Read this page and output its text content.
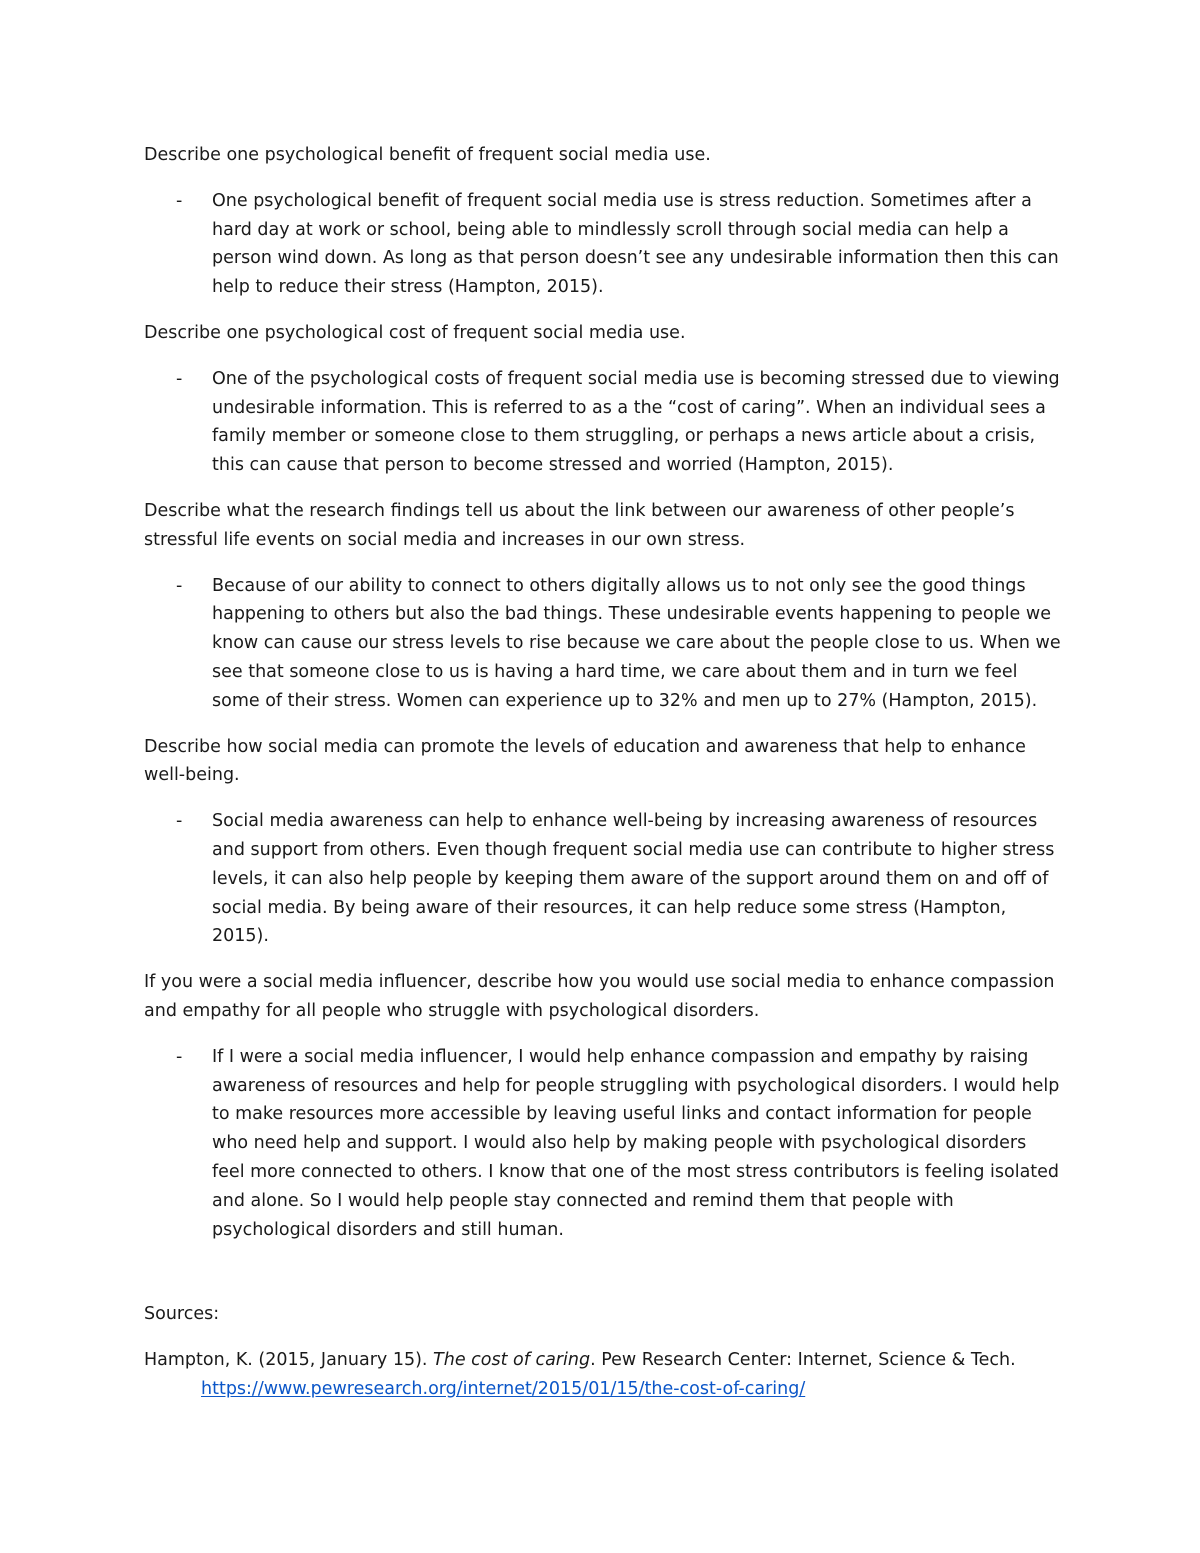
Describe one psychological benefit of frequent social media use.

- One psychological benefit of frequent social media use is stress reduction. Sometimes after a hard day at work or school, being able to mindlessly scroll through social media can help a person wind down. As long as that person doesn’t see any undesirable information then this can help to reduce their stress (Hampton, 2015).

Describe one psychological cost of frequent social media use.

- One of the psychological costs of frequent social media use is becoming stressed due to viewing undesirable information. This is referred to as a the “cost of caring”. When an individual sees a family member or someone close to them struggling, or perhaps a news article about a crisis, this can cause that person to become stressed and worried (Hampton, 2015).

Describe what the research findings tell us about the link between our awareness of other people’s stressful life events on social media and increases in our own stress.

- Because of our ability to connect to others digitally allows us to not only see the good things happening to others but also the bad things. These undesirable events happening to people we know can cause our stress levels to rise because we care about the people close to us. When we see that someone close to us is having a hard time, we care about them and in turn we feel some of their stress. Women can experience up to 32% and men up to 27% (Hampton, 2015).

Describe how social media can promote the levels of education and awareness that help to enhance well-being.

- Social media awareness can help to enhance well-being by increasing awareness of resources and support from others. Even though frequent social media use can contribute to higher stress levels, it can also help people by keeping them aware of the support around them on and off of social media. By being aware of their resources, it can help reduce some stress (Hampton, 2015).

If you were a social media influencer, describe how you would use social media to enhance compassion and empathy for all people who struggle with psychological disorders.

- If I were a social media influencer, I would help enhance compassion and empathy by raising awareness of resources and help for people struggling with psychological disorders. I would help to make resources more accessible by leaving useful links and contact information for people who need help and support. I would also help by making people with psychological disorders feel more connected to others. I know that one of the most stress contributors is feeling isolated and alone. So I would help people stay connected and remind them that people with psychological disorders and still human.

Sources:

Hampton, K. (2015, January 15). The cost of caring. Pew Research Center: Internet, Science & Tech. https://www.pewresearch.org/internet/2015/01/15/the-cost-of-caring/
